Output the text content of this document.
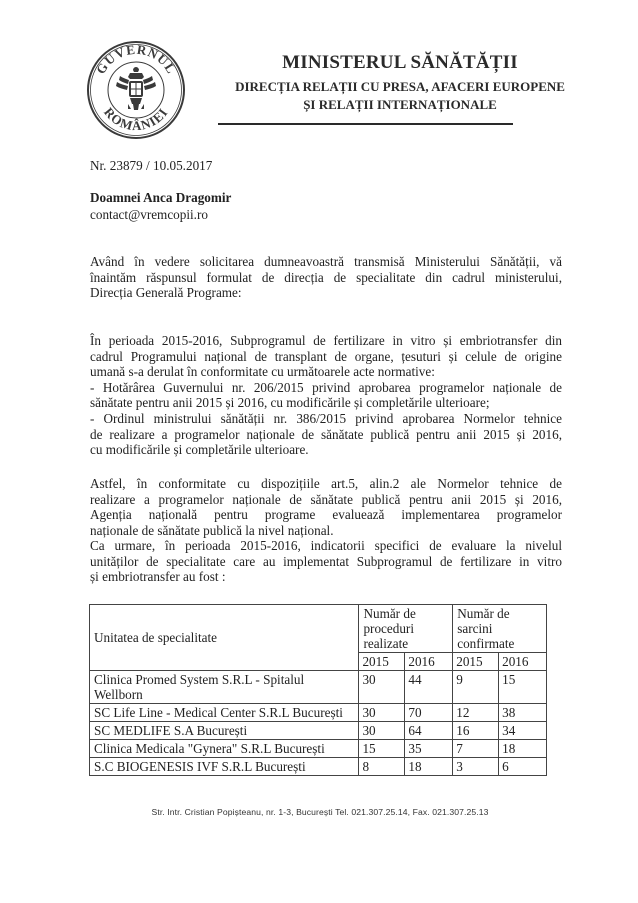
GUVERNUL
ROMÂNIEI
MINISTERUL SĂNĂTĂȚII
DIRECȚIA RELAȚII CU PRESA, AFACERI EUROPENE
ȘI RELAȚII INTERNAȚIONALE
Nr. 23879 / 10.05.2017
Doamnei Anca Dragomir
contact@vremcopii.ro
Având în vedere solicitarea dumneavoastră transmisă Ministerului Sănătății, vă
înaintăm răspunsul formulat de direcția de specialitate din cadrul ministerului,
Direcția Generală Programe:
În perioada 2015-2016, Subprogramul de fertilizare in vitro și embriotransfer din
cadrul Programului național de transplant de organe, țesuturi și celule de origine
umană s-a derulat în conformitate cu următoarele acte normative:
- Hotărârea Guvernului nr. 206/2015 privind aprobarea programelor naționale de
sănătate pentru anii 2015 și 2016, cu modificările și completările ulterioare;
- Ordinul ministrului sănătății nr. 386/2015 privind aprobarea Normelor tehnice
de realizare a programelor naționale de sănătate publică pentru anii 2015 și 2016,
cu modificările și completările ulterioare.
Astfel, în conformitate cu dispozițiile art.5, alin.2 ale Normelor tehnice de
realizare a programelor naționale de sănătate publică pentru anii 2015 și 2016,
Agenția națională pentru programe evaluează implementarea programelor
naționale de sănătate publică la nivel național.
Ca urmare, în perioada 2015-2016, indicatorii specifici de evaluare la nivelul
unităților de specialitate care au implementat Subprogramul de fertilizare in vitro
și embriotransfer au fost :
Unitatea de specialitate	Număr de
proceduri
realizate		Număr de
sarcini
confirmate	

	2015	2016	2015	2016
Clinica Promed System S.R.L - Spitalul Wellborn	30	44	9	15
SC Life Line - Medical Center S.R.L București	30	70	12	38
SC MEDLIFE S.A București	30	64	16	34
Clinica Medicala "Gynera" S.R.L București	15	35	7	18
S.C BIOGENESIS IVF S.R.L București	8	18	3	6
Str. Intr. Cristian Popișteanu, nr. 1-3, București Tel. 021.307.25.14, Fax. 021.307.25.13
